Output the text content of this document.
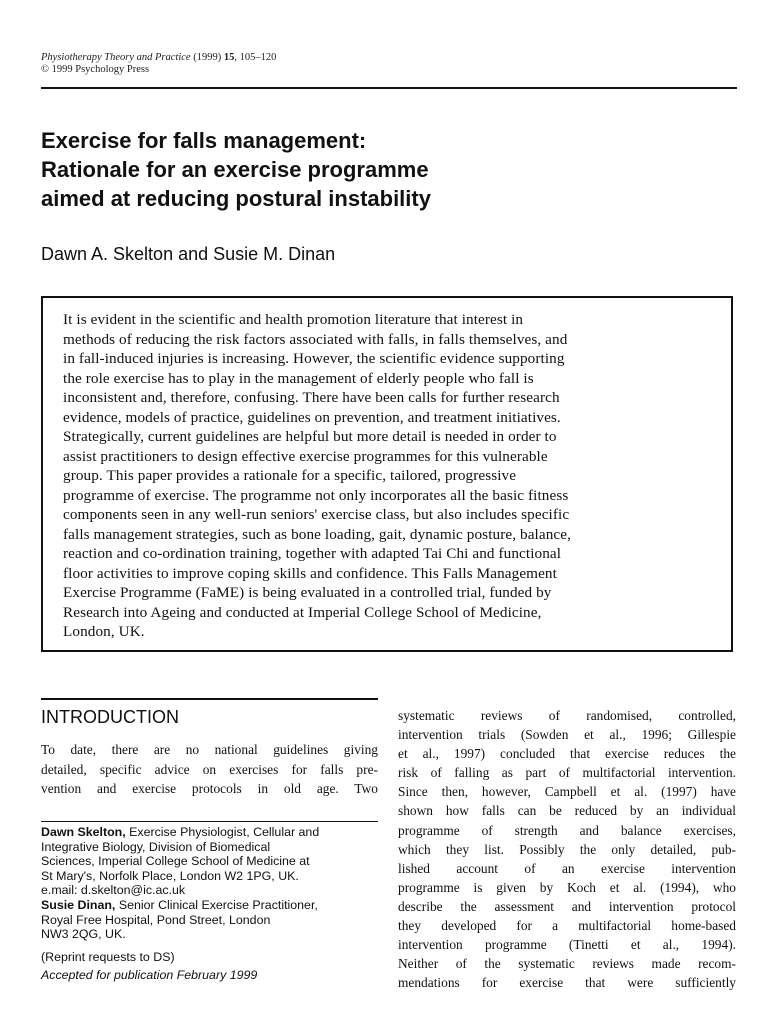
Physiotherapy Theory and Practice (1999) 15, 105–120
© 1999 Psychology Press
Exercise for falls management:
Rationale for an exercise programme
aimed at reducing postural instability
Dawn A. Skelton and Susie M. Dinan
It is evident in the scientific and health promotion literature that interest in
methods of reducing the risk factors associated with falls, in falls themselves, and
in fall-induced injuries is increasing. However, the scientific evidence supporting
the role exercise has to play in the management of elderly people who fall is
inconsistent and, therefore, confusing. There have been calls for further research
evidence, models of practice, guidelines on prevention, and treatment initiatives.
Strategically, current guidelines are helpful but more detail is needed in order to
assist practitioners to design effective exercise programmes for this vulnerable
group. This paper provides a rationale for a specific, tailored, progressive
programme of exercise. The programme not only incorporates all the basic fitness
components seen in any well-run seniors' exercise class, but also includes specific
falls management strategies, such as bone loading, gait, dynamic posture, balance,
reaction and co-ordination training, together with adapted Tai Chi and functional
floor activities to improve coping skills and confidence. This Falls Management
Exercise Programme (FaME) is being evaluated in a controlled trial, funded by
Research into Ageing and conducted at Imperial College School of Medicine,
London, UK.
INTRODUCTION
To date, there are no national guidelines giving
detailed, specific advice on exercises for falls pre-
vention and exercise protocols in old age. Two
Dawn Skelton, Exercise Physiologist, Cellular and
Integrative Biology, Division of Biomedical
Sciences, Imperial College School of Medicine at
St Mary's, Norfolk Place, London W2 1PG, UK.
e.mail: d.skelton@ic.ac.uk
Susie Dinan, Senior Clinical Exercise Practitioner,
Royal Free Hospital, Pond Street, London
NW3 2QG, UK.
(Reprint requests to DS)
Accepted for publication February 1999
systematic reviews of randomised, controlled,
intervention trials (Sowden et al., 1996; Gillespie
et al., 1997) concluded that exercise reduces the
risk of falling as part of multifactorial intervention.
Since then, however, Campbell et al. (1997) have
shown how falls can be reduced by an individual
programme of strength and balance exercises,
which they list. Possibly the only detailed, pub-
lished account of an exercise intervention
programme is given by Koch et al. (1994), who
describe the assessment and intervention protocol
they developed for a multifactorial home-based
intervention programme (Tinetti et al., 1994).
Neither of the systematic reviews made recom-
mendations for exercise that were sufficiently
